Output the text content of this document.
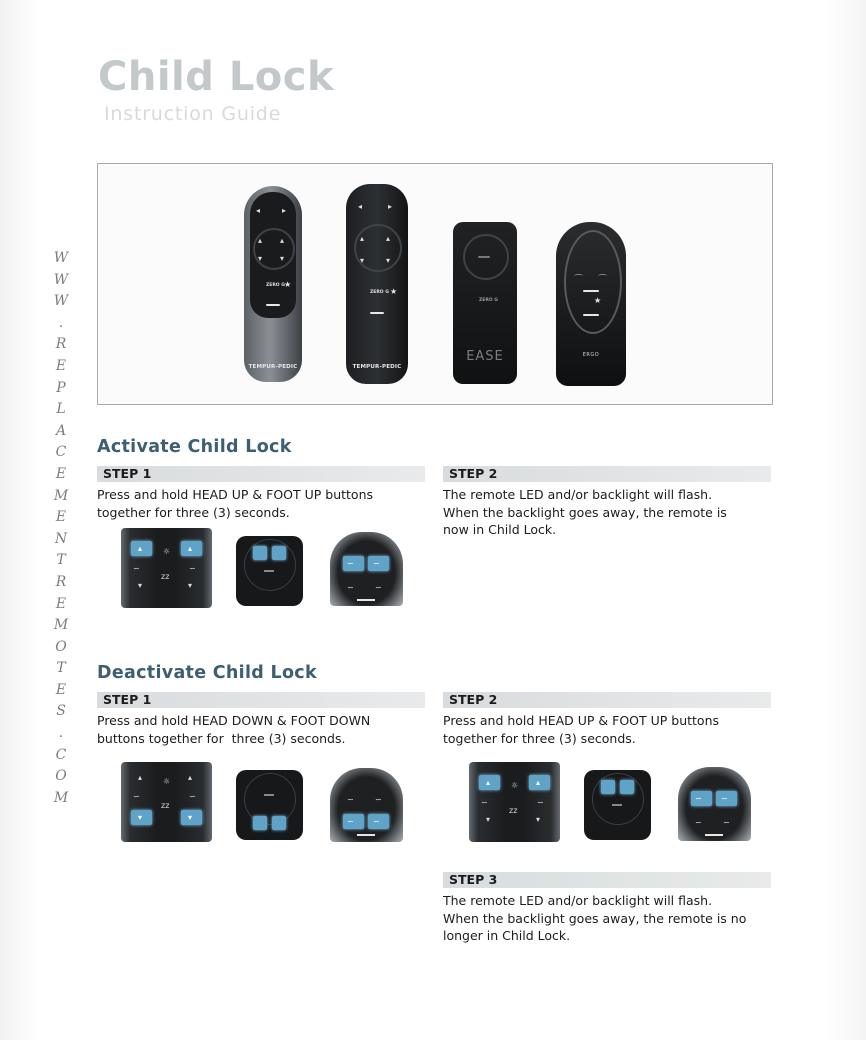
Child Lock
Instruction Guide
W
W
W
.
R
E
P
L
A
C
E
M
E
N
T
R
E
M
O
T
E
S
.
C
O
M
◂	▸
▴ ▴
▾ ▾
ZERO G ★
TEMPUR-PEDIC
◂	▸
▴	▴
▾	▾
ZERO G ★
TEMPUR-PEDIC
ZERO G
EASE
⌒ ⌒
★
ERGO
Activate Child Lock
STEP 1

Press and hold HEAD UP & FOOT UP buttons
together for three (3) seconds.

STEP 2

The remote LED and/or backlight will flash.
When the backlight goes away, the remote is
now in Child Lock.

▴	▴
☼
∽	∽
zz
▾	▾
∽ ∽
∽	∽
Deactivate Child Lock
STEP 1

Press and hold HEAD DOWN & FOOT DOWN
buttons together for  three (3) seconds.

STEP 2

Press and hold HEAD UP & FOOT UP buttons
together for three (3) seconds.

▴	▴
☼
∽	∽
zz
▾	▾
∽	∽
∽ ∽
▴	▴
☼
∽	∽
zz
▾	▾
∽ ∽
∽	∽
STEP 3

The remote LED and/or backlight will flash.
When the backlight goes away, the remote is no
longer in Child Lock.
